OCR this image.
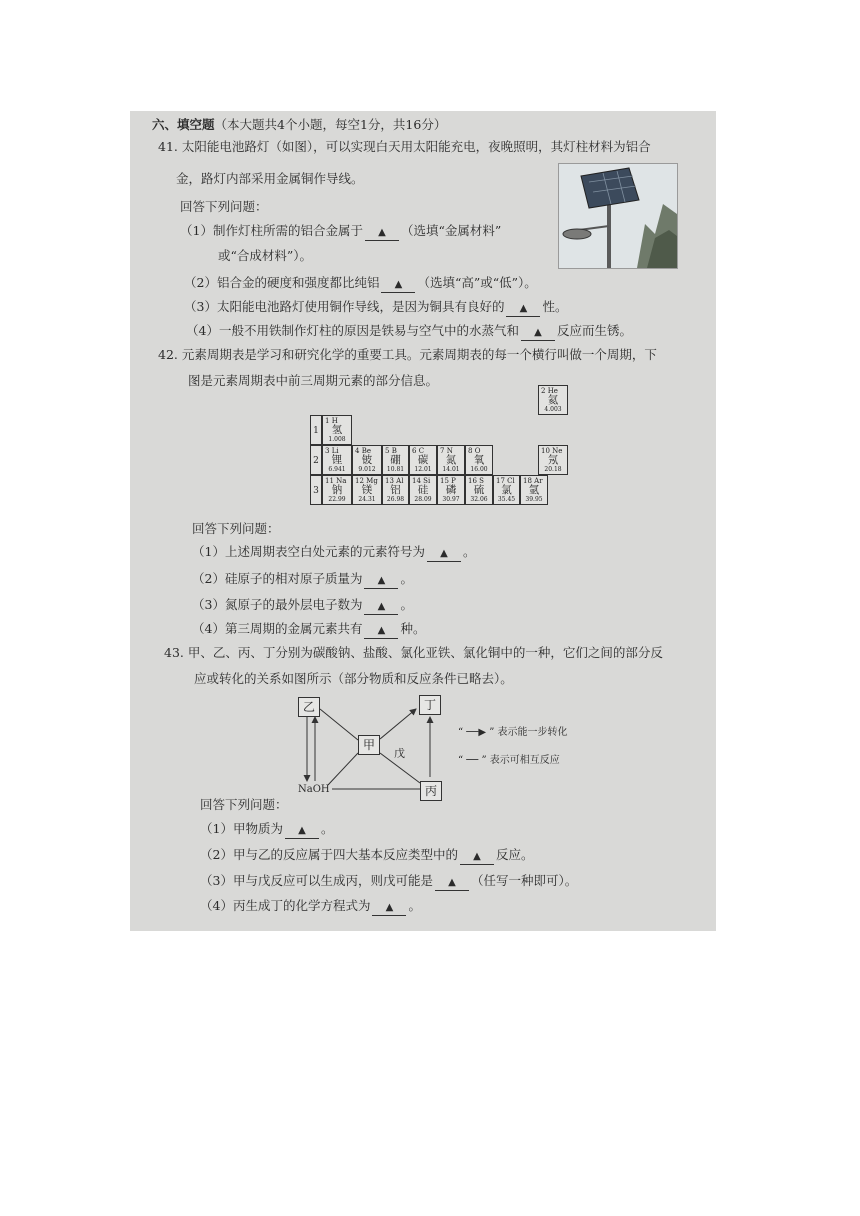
六、填空题（本大题共4个小题，每空1分，共16分）
41. 太阳能电池路灯（如图），可以实现白天用太阳能充电，夜晚照明，其灯柱材料为铝合
金，路灯内部采用金属铜作导线。
回答下列问题：
（1）制作灯柱所需的铝合金属于 ▲ （选填“金属材料”
或“合成材料”）。
（2）铝合金的硬度和强度都比纯铝 ▲ （选填“高”或“低”）。
（3）太阳能电池路灯使用铜作导线，是因为铜具有良好的 ▲ 性。
（4）一般不用铁制作灯柱的原因是铁易与空气中的水蒸气和 ▲ 反应而生锈。
42. 元素周期表是学习和研究化学的重要工具。元素周期表的每一个横行叫做一个周期，下
图是元素周期表中前三周期元素的部分信息。
1
2
3
1 H
氢
1.008
2 He
氦
4.003
3 Li
锂
6.941
4 Be
铍
9.012
5 B
硼
10.81
6 C
碳
12.01
7 N
氮
14.01
8 O
氧
16.00
10 Ne
氖
20.18
11 Na
钠
22.99
12 Mg
镁
24.31
13 Al
铝
26.98
14 Si
硅
28.09
15 P
磷
30.97
16 S
硫
32.06
17 Cl
氯
35.45
18 Ar
氩
39.95
回答下列问题：
（1）上述周期表空白处元素的元素符号为 ▲ 。
（2）硅原子的相对原子质量为 ▲ 。
（3）氮原子的最外层电子数为 ▲ 。
（4）第三周期的金属元素共有 ▲ 种。
43. 甲、乙、丙、丁分别为碳酸钠、盐酸、氯化亚铁、氯化铜中的一种，它们之间的部分反
应或转化的关系如图所示（部分物质和反应条件已略去）。
乙	丁
甲
戊
丙
NaOH
“ ──▶ ” 表示能一步转化
“ ── ” 表示可相互反应
回答下列问题：
（1）甲物质为 ▲ 。
（2）甲与乙的反应属于四大基本反应类型中的 ▲ 反应。
（3）甲与戊反应可以生成丙，则戊可能是 ▲ （任写一种即可）。
（4）丙生成丁的化学方程式为 ▲ 。
